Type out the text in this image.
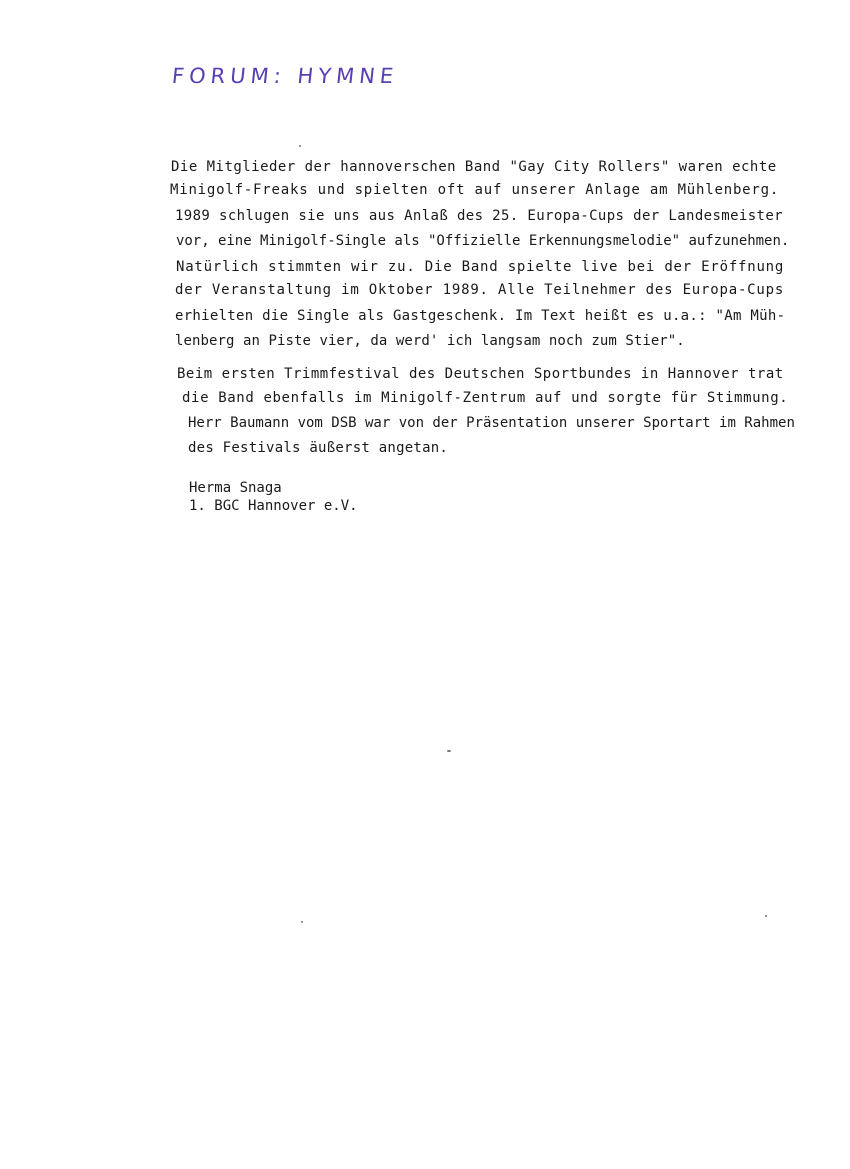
FORUM: HYMNE
Die Mitglieder der hannoverschen Band "Gay City Rollers" waren echte
Minigolf-Freaks und spielten oft auf unserer Anlage am Mühlenberg.
1989 schlugen sie uns aus Anlaß des 25. Europa-Cups der Landesmeister
vor, eine Minigolf-Single als "Offizielle Erkennungsmelodie" aufzunehmen.
Natürlich stimmten wir zu. Die Band spielte live bei der Eröffnung
der Veranstaltung im Oktober 1989. Alle Teilnehmer des Europa-Cups
erhielten die Single als Gastgeschenk. Im Text heißt es u.a.: "Am Müh-
lenberg an Piste vier, da werd' ich langsam noch zum Stier".
Beim ersten Trimmfestival des Deutschen Sportbundes in Hannover trat
die Band ebenfalls im Minigolf-Zentrum auf und sorgte für Stimmung.
Herr Baumann vom DSB war von der Präsentation unserer Sportart im Rahmen
des Festivals äußerst angetan.
Herma Snaga
1. BGC Hannover e.V.
